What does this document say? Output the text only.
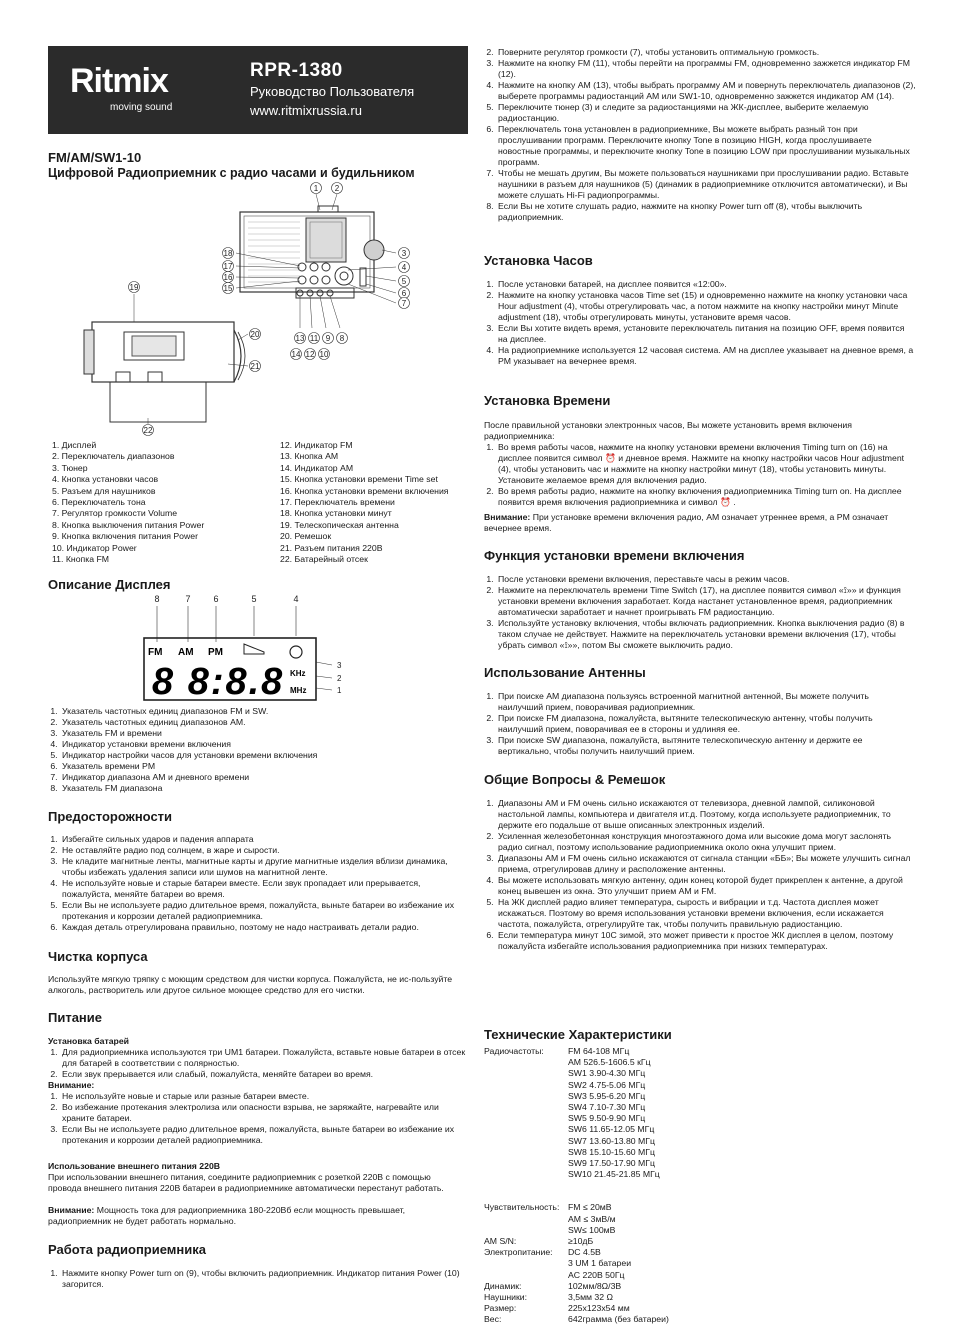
Ritmix
moving sound
RPR-1380
Руководство Пользователя
www.ritmixrussia.ru
FM/AM/SW1-10
Цифровой Радиоприемник с радио часами и будильником
1 2
18
17
16
15
3
4
5
6
7
13 11 9 8
14 12 10
19
20
21
22
1. Дисплей
2. Переключатель диапазонов
3. Тюнер
4. Кнопка установки часов
5. Разъем для наушников
6. Переключатель тона
7. Регулятор громкости Volume
8. Кнопка выключения питания Power
9. Кнопка включения питания Power
10. Индикатор Power
11. Кнопка FM
12. Индикатор FM
13. Кнопка AM
14. Индикатор AM
15. Кнопка установки времени Time set
16. Кнопка установки времени включения
17. Переключатель времени
18. Кнопка установки минут
19. Телескопическая антенна
20. Ремешок
21. Разъем питания 220В
22. Батарейный отсек
Описание Дисплея
8	7	6	5	4
FM AM PM
8 8:8.8 KHz
MHz
3
2
1
1. Указатель частотных единиц диапазонов FM и SW.
2. Указатель частотных единиц диапазонов AM.
3. Указатель FM и времени
4. Индикатор установки времени включения
5. Индикатор настройки часов для установки времени включения
6. Указатель времени PM
7. Индикатор диапазона AM и дневного времени
8. Указатель FM диапазона
Предосторожности
1. Избегайте сильных ударов и падения аппарата
2. Не оставляйте радио под солнцем, в жаре и сырости.
3. Не кладите магнитные ленты, магнитные карты и другие магнитные изделия вблизи динамика, чтобы избежать удаления записи или шумов на магнитной ленте.
4. Не используйте новые и старые батареи вместе. Если звук пропадает или прерывается, пожалуйста, меняйте батареи во время.
5. Если Вы не используете радио длительное время, пожалуйста, выньте батареи во избежание их протекания и коррозии деталей радиоприемника.
6. Каждая деталь отрегулирована правильно, поэтому не надо настраивать детали радио.
Чистка корпуса

Используйте мягкую тряпку с моющим средством для чистки корпуса. Пожалуйста, не ис-пользуйте алкоголь, растворитель или другое сильное моющее средство для его чистки.

Питание

Установка батарей

1. Для радиоприемника используются три UM1 батареи. Пожалуйста, вставьте новые батареи в отсек для батарей в соответствии с полярностью.
2. Если звук прерывается или слабый, пожалуйста, меняйте батареи во время.

Внимание:

1. Не используйте новые и старые или разные батареи вместе.
2. Во избежание протекания электролиза или опасности взрыва, не заряжайте, нагревайте или храните батареи.
3. Если Вы не используете радио длительное время, пожалуйста, выньте батареи во избежание их протекания и коррозии деталей радиоприемника.

Использование внешнего питания 220В

При использовании внешнего питания, соедините радиоприемник с розеткой 220В с помощью провода внешнего питания 220В батареи в радиоприемнике автоматически перестанут работать.

Внимание: Мощность тока для радиоприемника 180-220Вб если мощность превышает, радиоприемник не будет работать нормально.

Работа радиоприемника
1. Нажмите кнопку Power turn on (9), чтобы включить радиоприемник. Индикатор питания Power (10) загорится.
2. Поверните регулятор громкости (7), чтобы установить оптимальную громкость.
3. Нажмите на кнопку FM (11), чтобы перейти на программы FM, одновременно зажжется индикатор FM (12).
4. Нажмите на кнопку AM (13), чтобы выбрать программу AM и повернуть переключатель диапазонов (2), выберете программы радиостанций AM или SW1-10, одновременно зажжется индикатор AM (14).
5. Переключите тюнер (3) и следите за радиостанциями на ЖК-дисплее, выберите желаемую радиостанцию.
6. Переключатель тона установлен в радиоприемнике, Вы можете выбрать разный тон при прослушивании программ. Переключите кнопку Tone в позицию HIGH, когда прослушиваете новостные программы, и переключите кнопку Tone в позицию LOW при прослушивании музыкальных программ.
7. Чтобы не мешать другим, Вы можете пользоваться наушниками при прослушивании радио. Вставьте наушники в разъем для наушников (5) (динамик в радиоприемнике отключится автоматически), и Вы можете слушать Hi-Fi радиопрограммы.
8. Если Вы не хотите слушать радио, нажмите на кнопку Power turn off (8), чтобы выключить радиоприемник.
Установка Часов
1. После установки батарей, на дисплее появится «12:00».
2. Нажмите на кнопку установка часов Time set (15) и одновременно нажмите на кнопку установки часа Hour adjustment (4), чтобы отрегулировать час, а потом нажмите на кнопку настройки минут Minute adjustment (18), чтобы отрегулировать минуты, установите время часов.
3. Если Вы хотите видеть время, установите переключатель питания на позицию OFF, время появится на дисплее.
4. На радиоприемнике используется 12 часовая система. AM на дисплее указывает на дневное время, а PM указывает на вечернее время.
Установка Времени

После правильной установки электронных часов, Вы можете установить время включения радиоприемника:

1. Во время работы часов, нажмите на кнопку установки времени включения Timing turn on (16) на дисплее появится символ ⏰ и дневное время. Нажмите на кнопку настройки часов Hour adjustment (4), чтобы установить час и нажмите на кнопку настройки минут (18), чтобы установить минуты. Установите желаемое время для включения радио.
2. Во время работы радио, нажмите на кнопку включения радиоприемника Timing turn on. На дисплее появится время включения радиоприемника и символ ⏰ .

Внимание: При установке времени включения радио, AM означает утреннее время, а PM означает вечернее время.

Функция установки времени включения
1. После установки времени включения, переставьте часы в режим часов.
2. Нажмите на переключатель времени Time Switch (17), на дисплее появится символ «⟟»» и функция установки времени включения заработает. Когда настанет установленное время, радиоприемник автоматически заработает и начнет проигрывать FM радиостанцию.
3. Используйте установку включения, чтобы включать радиоприемник. Кнопка выключения радио (8) в таком случае не действует. Нажмите на переключатель установки времени включения (17), чтобы убрать символ «⟟»», потом Вы сможете выключить радио.
Использование Антенны
1. При поиске AM диапазона пользуясь встроенной магнитной антенной, Вы можете получить наилучший прием, поворачивая радиоприемник.
2. При поиске FM диапазона, пожалуйста, вытяните телескопическую антенну, чтобы получить наилучший прием, поворачивая ее в стороны и удлиняя ее.
3. При поиске SW диапазона, пожалуйста, вытяните телескопическую антенну и держите ее вертикально, чтобы получить наилучший прием.
Общие Вопросы & Ремешок
1. Диапазоны AM и FM очень сильно искажаются от телевизора, дневной лампой, силиконовой настольной лампы, компьютера и двигателя ит.д. Поэтому, когда используете радиоприемник, то держите его подальше от выше описанных электронных изделий.
2. Усиленная железобетонная конструкция многоэтажного дома или высокие дома могут заслонять радио сигнал, поэтому использование радиоприемника около окна улучшит прием.
3. Диапазоны AM и FM очень сильно искажаются от сигнала станции «ББ»; Вы можете улучшить сигнал приема, отрегулировав длину и расположение антенны.
4. Вы можете использовать мягкую антенну, один конец которой будет прикреплен к антенне, а другой конец вывешен из окна. Это улучшит прием AM и FM.
5. На ЖК дисплей радио влияет температура, сырость и вибрации и т.д. Частота дисплея может искажаться. Поэтому во время использования установки времени включения, если искажается частота, пожалуйста, отрегулируйте так, чтобы получить правильную радиостанцию.
6. Если температура минут 10С зимой, это может привести к простое ЖК дисплея в целом, поэтому пожалуйста избегайте использования радиоприемника при низких температурах.
Технические Характеристики
Радиочастоты:	FM 64-108 МГц
AM 526.5-1606.5 кГц
SW1 3.90-4.30 МГц
SW2 4.75-5.06 МГц
SW3 5.95-6.20 МГц
SW4 7.10-7.30 МГц
SW5 9.50-9.90 МГц
SW6 11.65-12.05 МГц
SW7 13.60-13.80 МГц
SW8 15.10-15.60 МГц
SW9 17.50-17.90 МГц
SW10 21.45-21.85 МГц
Чувствительность: FM ≤ 20мВ
AM ≤ 3мВ/м
SW≤ 100мВ
AM S/N:	≥10дБ
Электропитание:	DC 4.5В
3 UM 1 батареи
AC 220В 50Гц
Динамик:	102мм/8Ω/3В
Наушники:	3,5мм 32 Ω
Размер:	225x123x54 мм
Вес:	642грамма (без батареи)
